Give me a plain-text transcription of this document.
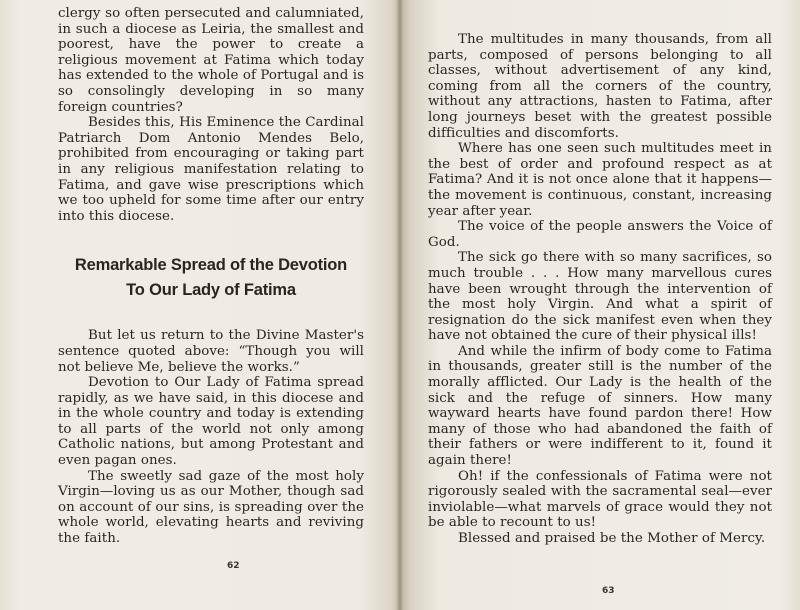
clergy so often persecuted and calumniated, in such a diocese as Leiria, the smallest and poorest, have the power to create a religious movement at Fatima which today has extended to the whole of Portugal and is so consolingly developing in so many foreign countries?

Besides this, His Eminence the Cardinal Patriarch Dom Antonio Mendes Belo, prohibited from encouraging or taking part in any religious manifestation relating to Fatima, and gave wise prescriptions which we too upheld for some time after our entry into this diocese.

Remarkable Spread of the Devotion
To Our Lady of Fatima

But let us return to the Divine Master's sentence quoted above: “Though you will not believe Me, believe the works.”

Devotion to Our Lady of Fatima spread rapidly, as we have said, in this diocese and in the whole country and today is extending to all parts of the world not only among Catholic nations, but among Protestant and even pagan ones.

The sweetly sad gaze of the most holy Virgin—loving us as our Mother, though sad on account of our sins, is spreading over the whole world, elevating hearts and reviving the faith.

62

The multitudes in many thousands, from all parts, composed of persons belonging to all classes, without advertisement of any kind, coming from all the corners of the country, without any attractions, hasten to Fatima, after long journeys beset with the greatest possible difficulties and discomforts.

Where has one seen such multitudes meet in the best of order and profound respect as at Fatima? And it is not once alone that it happens—the movement is continuous, constant, increasing year after year.

The voice of the people answers the Voice of God.

The sick go there with so many sacrifices, so much trouble . . . How many marvellous cures have been wrought through the intervention of the most holy Virgin. And what a spirit of resignation do the sick manifest even when they have not obtained the cure of their physical ills!

And while the infirm of body come to Fatima in thousands, greater still is the number of the morally afflicted. Our Lady is the health of the sick and the refuge of sinners. How many wayward hearts have found pardon there! How many of those who had abandoned the faith of their fathers or were indifferent to it, found it again there!

Oh! if the confessionals of Fatima were not rigorously sealed with the sacramental seal—ever inviolable—what marvels of grace would they not be able to recount to us!

Blessed and praised be the Mother of Mercy.

63
